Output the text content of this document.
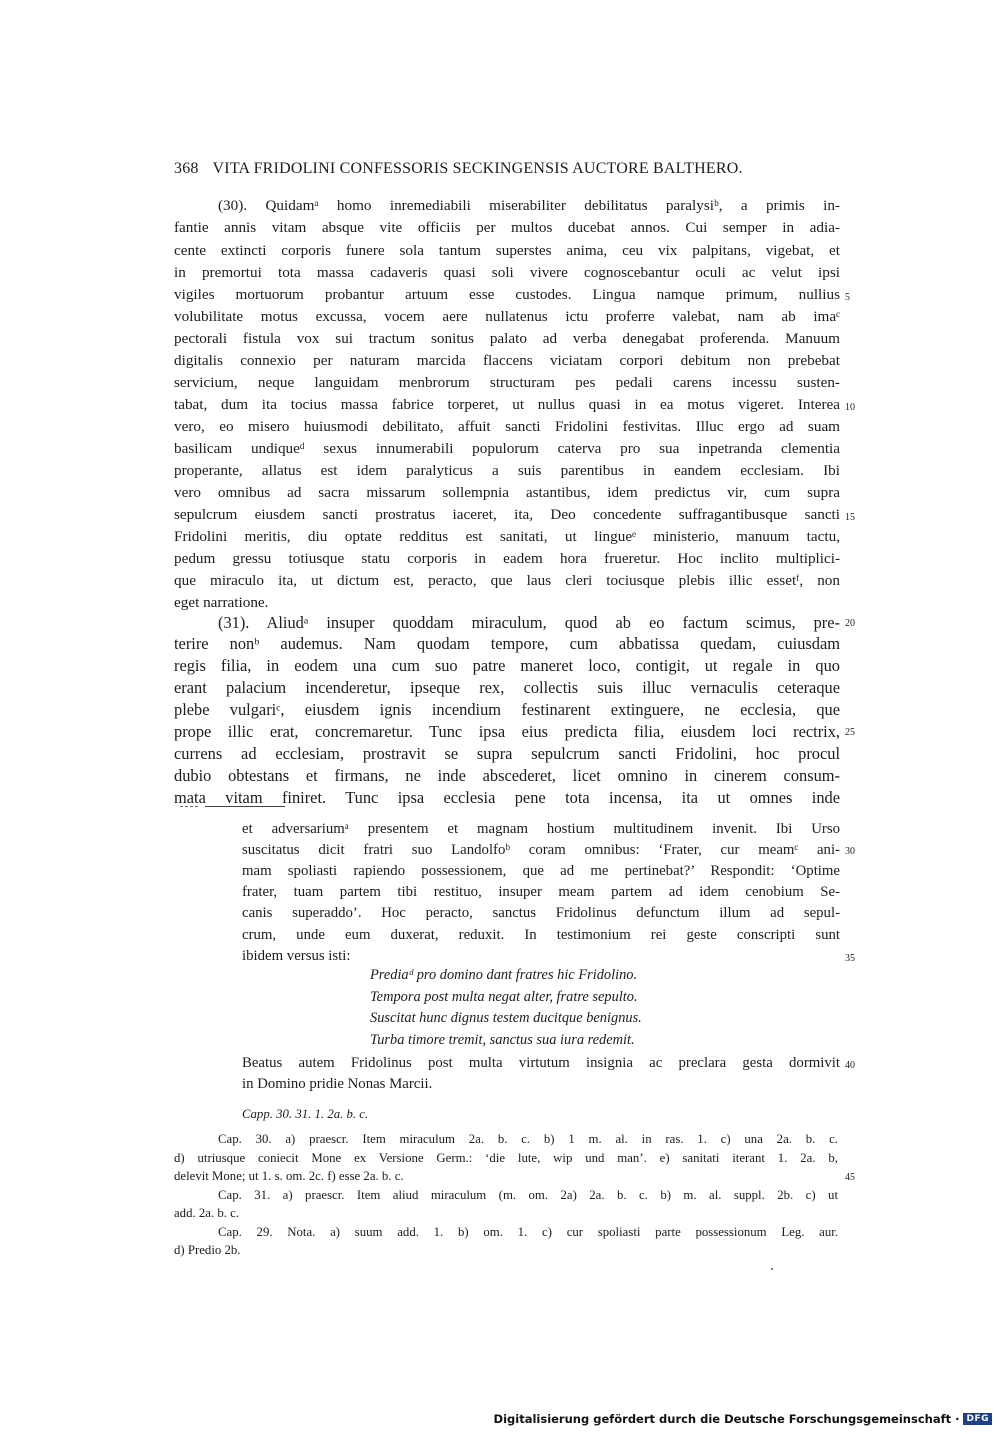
368 VITA FRIDOLINI CONFESSORIS SECKINGENSIS AUCTORE BALTHERO.
(30). Quidamᵃ homo inremediabili miserabiliter debilitatus paralysiᵇ, a primis in-
fantie annis vitam absque vite officiis per multos ducebat annos. Cui semper in adia-
cente extincti corporis funere sola tantum superstes anima, ceu vix palpitans, vigebat, et
in premortui tota massa cadaveris quasi soli vivere cognoscebantur oculi ac velut ipsi
vigiles mortuorum probantur artuum esse custodes. Lingua namque primum, nullius
volubilitate motus excussa, vocem aere nullatenus ictu proferre valebat, nam ab imaᶜ
pectorali fistula vox sui tractum sonitus palato ad verba denegabat proferenda. Manuum
digitalis connexio per naturam marcida flaccens viciatam corpori debitum non prebebat
servicium, neque languidam menbrorum structuram pes pedali carens incessu susten-
tabat, dum ita tocius massa fabrice torperet, ut nullus quasi in ea motus vigeret. Interea
vero, eo misero huiusmodi debilitato, affuit sancti Fridolini festivitas. Illuc ergo ad suam
basilicam undiqueᵈ sexus innumerabili populorum caterva pro sua inpetranda clementia
properante, allatus est idem paralyticus a suis parentibus in eandem ecclesiam. Ibi
vero omnibus ad sacra missarum sollempnia astantibus, idem predictus vir, cum supra
sepulcrum eiusdem sancti prostratus iaceret, ita, Deo concedente suffragantibusque sancti
Fridolini meritis, diu optate redditus est sanitati, ut lingueᵉ ministerio, manuum tactu,
pedum gressu totiusque statu corporis in eadem hora frueretur. Hoc inclito multiplici-
que miraculo ita, ut dictum est, peracto, que laus cleri tociusque plebis illic essetᶠ, non
eget narratione.
(31). Aliudᵃ insuper quoddam miraculum, quod ab eo factum scimus, pre-
terire nonᵇ audemus. Nam quodam tempore, cum abbatissa quedam, cuiusdam
regis filia, in eodem una cum suo patre maneret loco, contigit, ut regale in quo
erant palacium incenderetur, ipseque rex, collectis suis illuc vernaculis ceteraque
plebe vulgariᶜ, eiusdem ignis incendium festinarent extinguere, ne ecclesia, que
prope illic erat, concremaretur. Tunc ipsa eius predicta filia, eiusdem loci rectrix,
currens ad ecclesiam, prostravit se supra sepulcrum sancti Fridolini, hoc procul
dubio obtestans et firmans, ne inde abscederet, licet omnino in cinerem consum-
mata vitam finiret. Tunc ipsa ecclesia pene tota incensa, ita ut omnes inde
et adversariumᵃ presentem et magnam hostium multitudinem invenit. Ibi Urso
suscitatus dicit fratri suo Landolfoᵇ coram omnibus: ‘Frater, cur meamᶜ ani-
mam spoliasti rapiendo possessionem, que ad me pertinebat?’ Respondit: ‘Optime
frater, tuam partem tibi restituo, insuper meam partem ad idem cenobium Se-
canis superaddo’. Hoc peracto, sanctus Fridolinus defunctum illum ad sepul-
crum, unde eum duxerat, reduxit. In testimonium rei geste conscripti sunt
ibidem versus isti:
Prediaᵈ pro domino dant fratres hic Fridolino.
Tempora post multa negat alter, fratre sepulto.
Suscitat hunc dignus testem ducitque benignus.
Turba timore tremit, sanctus sua iura redemit.
Beatus autem Fridolinus post multa virtutum insignia ac preclara gesta dormivit
in Domino pridie Nonas Marcii.
Capp. 30. 31. 1. 2a. b. c.
Cap. 30. a) praescr. Item miraculum 2a. b. c. b) 1 m. al. in ras. 1. c) una 2a. b. c.
d) utriusque coniecit Mone ex Versione Germ.: ‘die lute, wip und man’. e) sanitati iterant 1. 2a. b,
delevit Mone; ut 1. s. om. 2c. f) esse 2a. b. c.
Cap. 31. a) praescr. Item aliud miraculum (m. om. 2a) 2a. b. c. b) m. al. suppl. 2b. c) ut
add. 2a. b. c.
Cap. 29. Nota. a) suum add. 1. b) om. 1. c) cur spoliasti parte possessionum Leg. aur.
d) Predio 2b.
5
10
15
20
25
30
35
40
45
Digitalisierung gefördert durch die Deutsche Forschungsgemeinschaft · DFG
